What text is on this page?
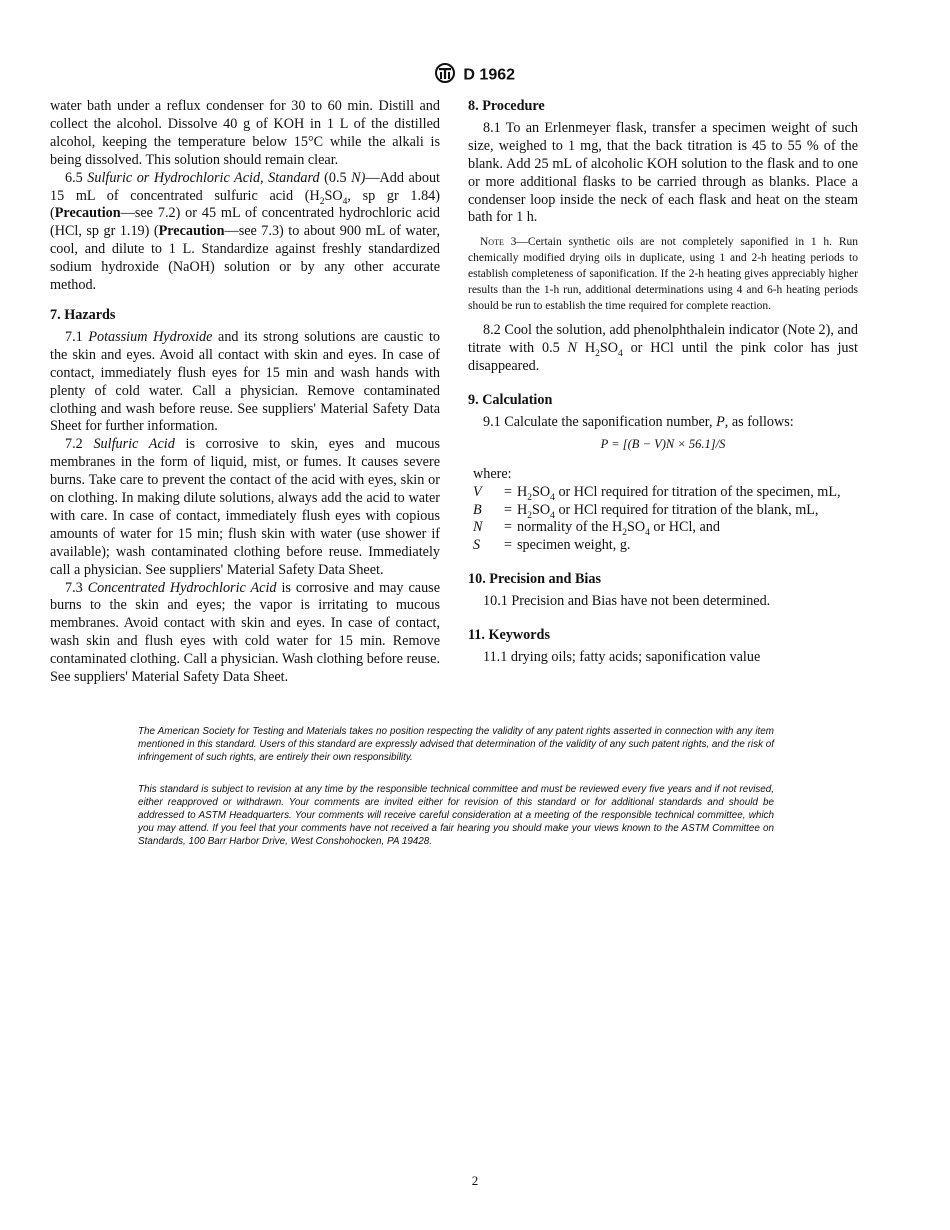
D 1962

water bath under a reflux condenser for 30 to 60 min. Distill and collect the alcohol. Dissolve 40 g of KOH in 1 L of the distilled alcohol, keeping the temperature below 15°C while the alkali is being dissolved. This solution should remain clear.

6.5 Sulfuric or Hydrochloric Acid, Standard (0.5 N)—Add about 15 mL of concentrated sulfuric acid ($H_2SO_4$, sp gr 1.84) (Precaution—see 7.2) or 45 mL of concentrated hydrochloric acid (HCl, sp gr 1.19) (Precaution—see 7.3) to about 900 mL of water, cool, and dilute to 1 L. Standardize against freshly standardized sodium hydroxide (NaOH) solution or by any other accurate method.

7. Hazards

7.1 Potassium Hydroxide and its strong solutions are caustic to the skin and eyes. Avoid all contact with skin and eyes. In case of contact, immediately flush eyes for 15 min and wash hands with plenty of cold water. Call a physician. Remove contaminated clothing and wash before reuse. See suppliers' Material Safety Data Sheet for further information.

7.2 Sulfuric Acid is corrosive to skin, eyes and mucous membranes in the form of liquid, mist, or fumes. It causes severe burns. Take care to prevent the contact of the acid with eyes, skin or on clothing. In making dilute solutions, always add the acid to water with care. In case of contact, immediately flush eyes with copious amounts of water for 15 min; flush skin with water (use shower if available); wash contaminated clothing before reuse. Immediately call a physician. See suppliers' Material Safety Data Sheet.

7.3 Concentrated Hydrochloric Acid is corrosive and may cause burns to the skin and eyes; the vapor is irritating to mucous membranes. Avoid contact with skin and eyes. In case of contact, wash skin and flush eyes with cold water for 15 min. Remove contaminated clothing. Call a physician. Wash clothing before reuse. See suppliers' Material Safety Data Sheet.

8. Procedure

8.1 To an Erlenmeyer flask, transfer a specimen weight of such size, weighed to 1 mg, that the back titration is 45 to 55 % of the blank. Add 25 mL of alcoholic KOH solution to the flask and to one or more additional flasks to be carried through as blanks. Place a condenser loop inside the neck of each flask and heat on the steam bath for 1 h.

Note 3—Certain synthetic oils are not completely saponified in 1 h. Run chemically modified drying oils in duplicate, using 1 and 2-h heating periods to establish completeness of saponification. If the 2-h heating gives appreciably higher results than the 1-h run, additional determinations using 4 and 6-h heating periods should be run to establish the time required for complete reaction.

8.2 Cool the solution, add phenolphthalein indicator (Note 2), and titrate with 0.5 N $H_2SO_4$ or HCl until the pink color has just disappeared.

9. Calculation

9.1 Calculate the saponification number, P, as follows:

P = [(B − V)N × 56.1]/S

where:

V	=	$H_2SO_4$ or HCl required for titration of the specimen, mL,
B	=	$H_2SO_4$ or HCl required for titration of the blank, mL,
N	=	normality of the $H_2SO_4$ or HCl, and
S	=	specimen weight, g.
10. Precision and Bias

10.1 Precision and Bias have not been determined.

11. Keywords

11.1 drying oils; fatty acids; saponification value

The American Society for Testing and Materials takes no position respecting the validity of any patent rights asserted in connection with any item mentioned in this standard. Users of this standard are expressly advised that determination of the validity of any such patent rights, and the risk of infringement of such rights, are entirely their own responsibility.

This standard is subject to revision at any time by the responsible technical committee and must be reviewed every five years and if not revised, either reapproved or withdrawn. Your comments are invited either for revision of this standard or for additional standards and should be addressed to ASTM Headquarters. Your comments will receive careful consideration at a meeting of the responsible technical committee, which you may attend. If you feel that your comments have not received a fair hearing you should make your views known to the ASTM Committee on Standards, 100 Barr Harbor Drive, West Conshohocken, PA 19428.

2
